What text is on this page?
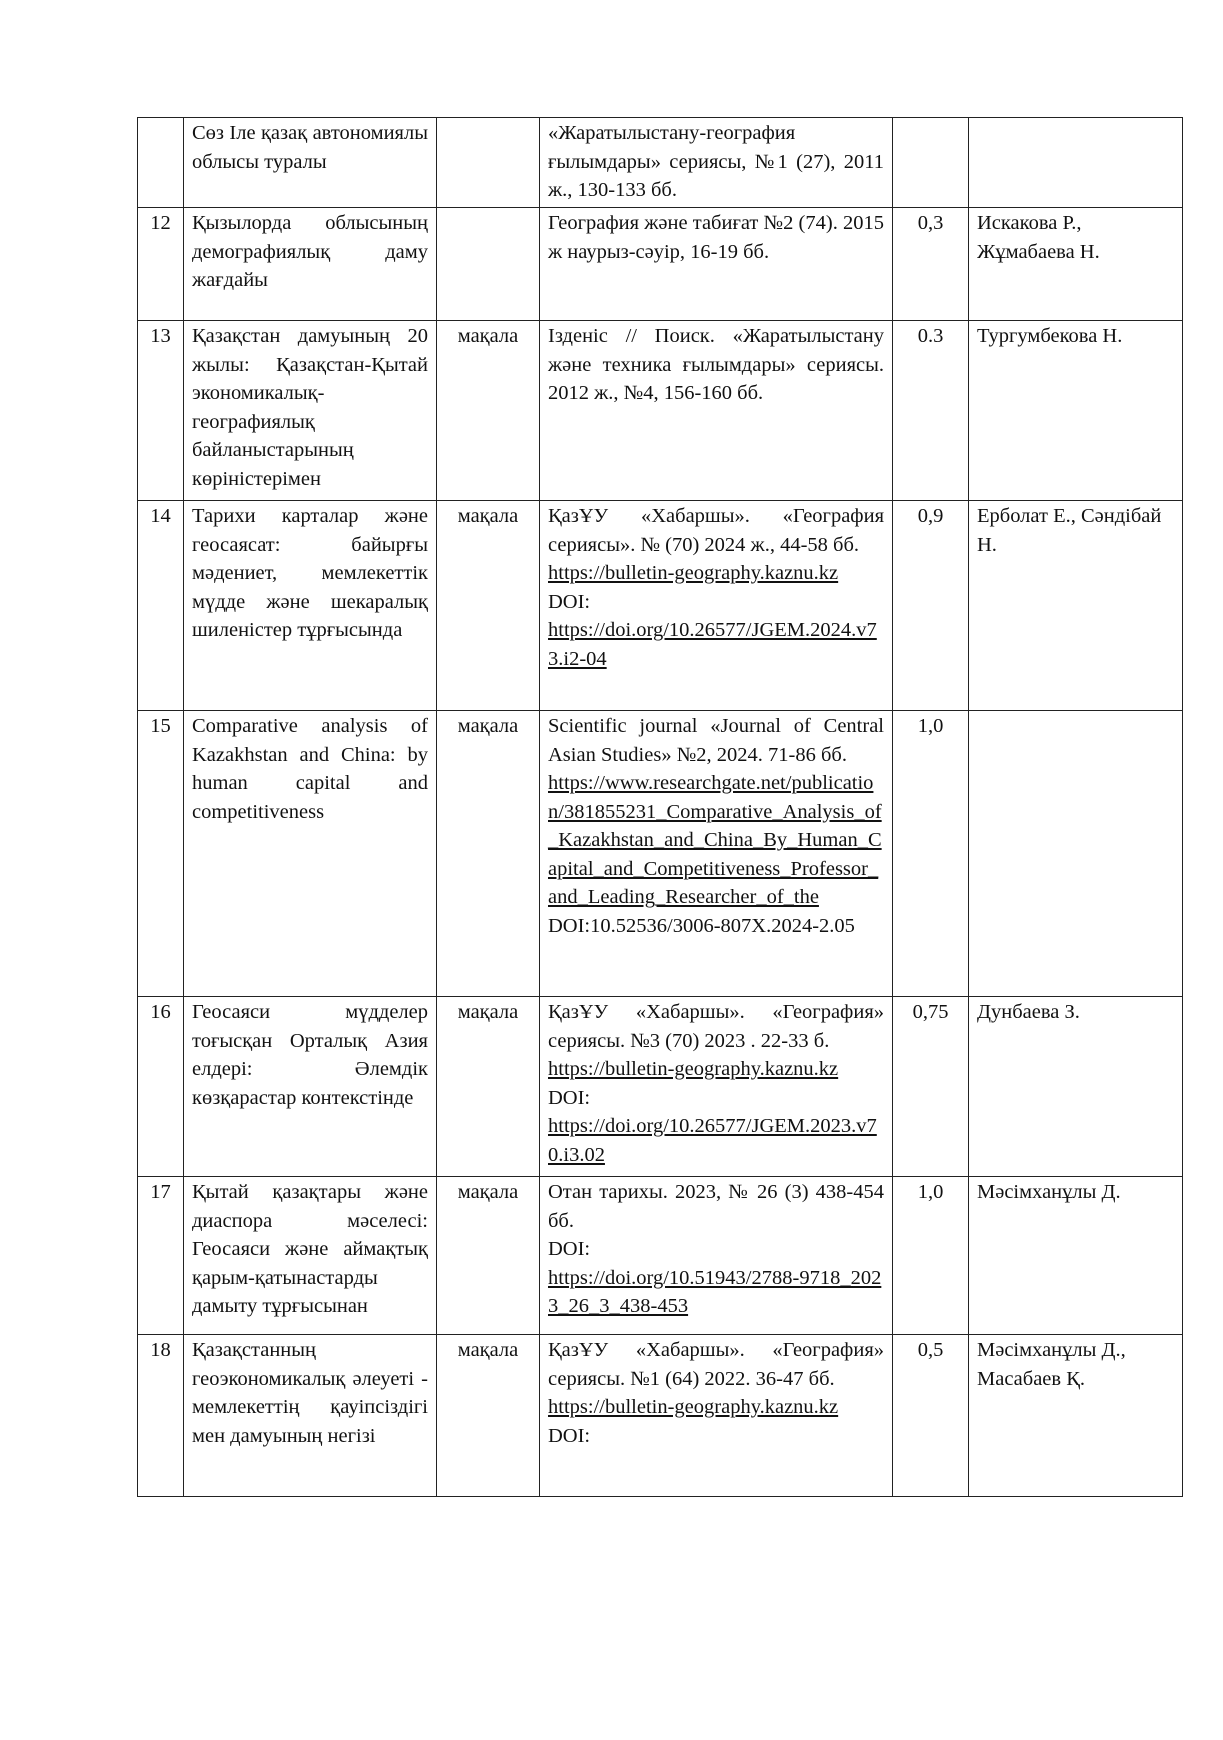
	Сөз Іле қазақ автономиялы облысы туралы		«Жаратылыстану-география ғылымдары» сериясы, №1 (27), 2011 ж., 130-133 бб.		

12	Қызылорда облысының демографиялық даму жағдайы		География және табиғат №2 (74). 2015 ж наурыз-сәуір, 16-19 бб.	0,3	Искакова Р., Жұмабаева Н.
13	Қазақстан дамуының 20 жылы: Қазақстан-Қытай экономикалық-географиялық байланыстарының көріністерімен	мақала	Ізденіс // Поиск. «Жаратылыстану және техника ғылымдары» сериясы. 2012 ж., №4, 156-160 бб.	0.3	Тургумбекова Н.
14	Тарихи карталар және геосаясат: байырғы мәдениет, мемлекеттік мүдде және шекаралық шиленістер тұрғысында	мақала	ҚазҰУ «Хабаршы». «География сериясы». № (70) 2024 ж., 44-58 бб.
https://bulletin-geography.kaznu.kz
DOI:
https://doi.org/10.26577/JGEM.2024.v73.i2-04	0,9	Ерболат Е., Сәндібай Н.
15	Comparative analysis of Kazakhstan and China: by human capital and competitiveness	мақала	Scientific journal «Journal of Central Asian Studies» №2, 2024. 71-86 бб.
https://www.researchgate.net/publication/381855231_Comparative_Analysis_of_Kazakhstan_and_China_By_Human_Capital_and_Competitiveness_Professor_and_Leading_Researcher_of_the
DOI:10.52536/3006-807X.2024-2.05	1,0	
16	Геосаяси мүдделер тоғысқан Орталық Азия елдері: Әлемдік көзқарастар контекстінде	мақала	ҚазҰУ «Хабаршы». «География» сериясы. №3 (70) 2023 . 22-33 б.
https://bulletin-geography.kaznu.kz
DOI:
https://doi.org/10.26577/JGEM.2023.v70.i3.02	0,75	Дунбаева З.
17	Қытай қазақтары және диаспора мәселесі: Геосаяси және аймақтық қарым-қатынастарды дамыту тұрғысынан	мақала	Отан тарихы. 2023, № 26 (3) 438-454 бб.
DOI:
https://doi.org/10.51943/2788-9718_2023_26_3_438-453	1,0	Мәсімханұлы Д.
18	Қазақстанның геоэкономикалық әлеуеті - мемлекеттің қауіпсіздігі мен дамуының негізі	мақала	ҚазҰУ «Хабаршы». «География» сериясы. №1 (64) 2022. 36-47 бб.
https://bulletin-geography.kaznu.kz
DOI:	0,5	Мәсімханұлы Д., Масабаев Қ.
